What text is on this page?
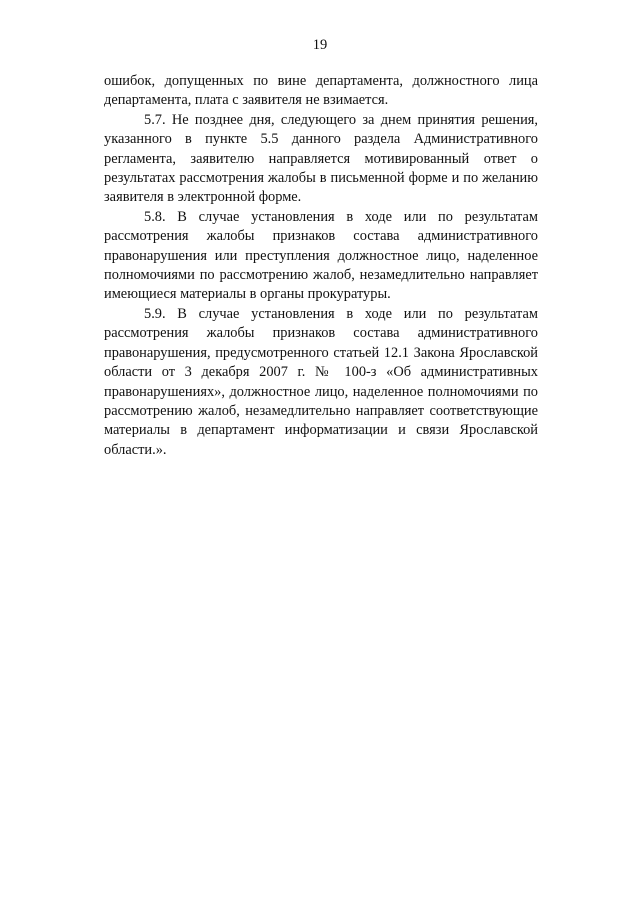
19

ошибок, допущенных по вине департамента, должностного лица департамента, плата с заявителя не взимается.

5.7. Не позднее дня, следующего за днем принятия решения, указанного в пункте 5.5 данного раздела Административного регламента, заявителю направляется мотивированный ответ о результатах рассмотрения жалобы в письменной форме и по желанию заявителя в электронной форме.

5.8. В случае установления в ходе или по результатам рассмотрения жалобы признаков состава административного правонарушения или преступления должностное лицо, наделенное полномочиями по рассмотрению жалоб, незамедлительно направляет имеющиеся материалы в органы прокуратуры.

5.9. В случае установления в ходе или по результатам рассмотрения жалобы признаков состава административного правонарушения, предусмотренного статьей 12.1 Закона Ярославской области от 3 декабря 2007 г. № 100-з «Об административных правонарушениях», должностное лицо, наделенное полномочиями по рассмотрению жалоб, незамедлительно направляет соответствующие материалы в департамент информатизации и связи Ярославской области.».
